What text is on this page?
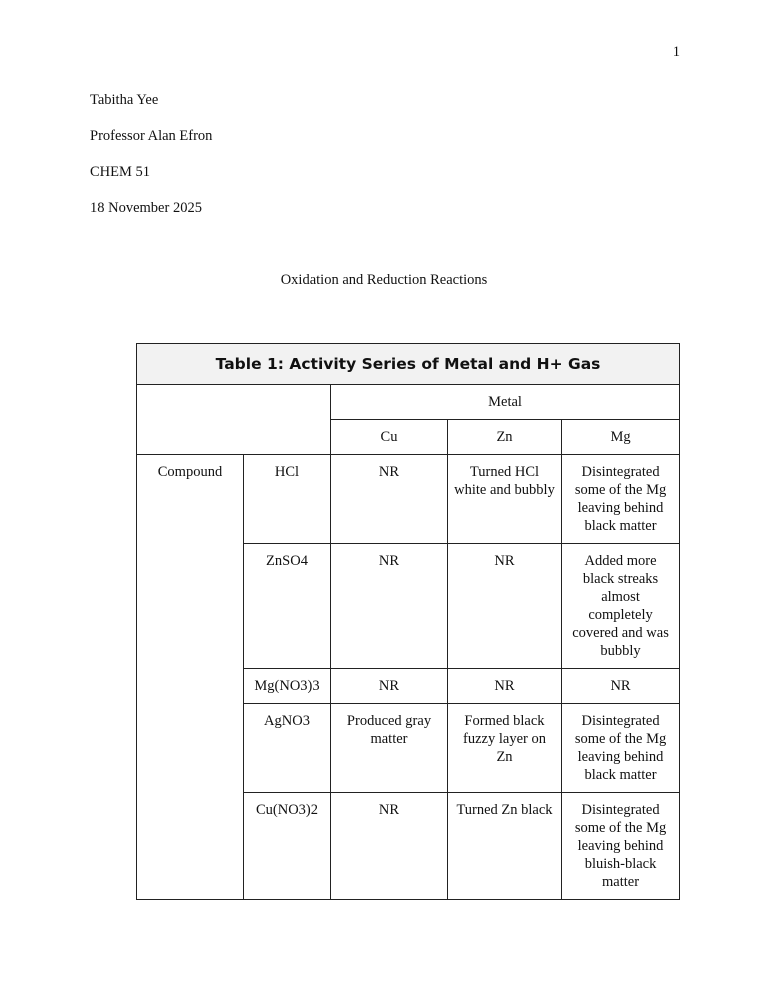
1
Tabitha Yee
Professor Alan Efron
CHEM 51
18 November 2025
Oxidation and Reduction Reactions
Table 1: Activity Series of Metal and H+ Gas				
		Metal		
		Cu	Zn	Mg
Compound	HCl	NR	Turned HCl white and bubbly	Disintegrated some of the Mg leaving behind black matter
	ZnSO4	NR	NR	Added more black streaks almost completely covered and was bubbly
	Mg(NO3)3	NR	NR	NR
	AgNO3	Produced gray matter	Formed black fuzzy layer on Zn	Disintegrated some of the Mg leaving behind black matter
	Cu(NO3)2	NR	Turned Zn black	Disintegrated some of the Mg leaving behind bluish-black matter
